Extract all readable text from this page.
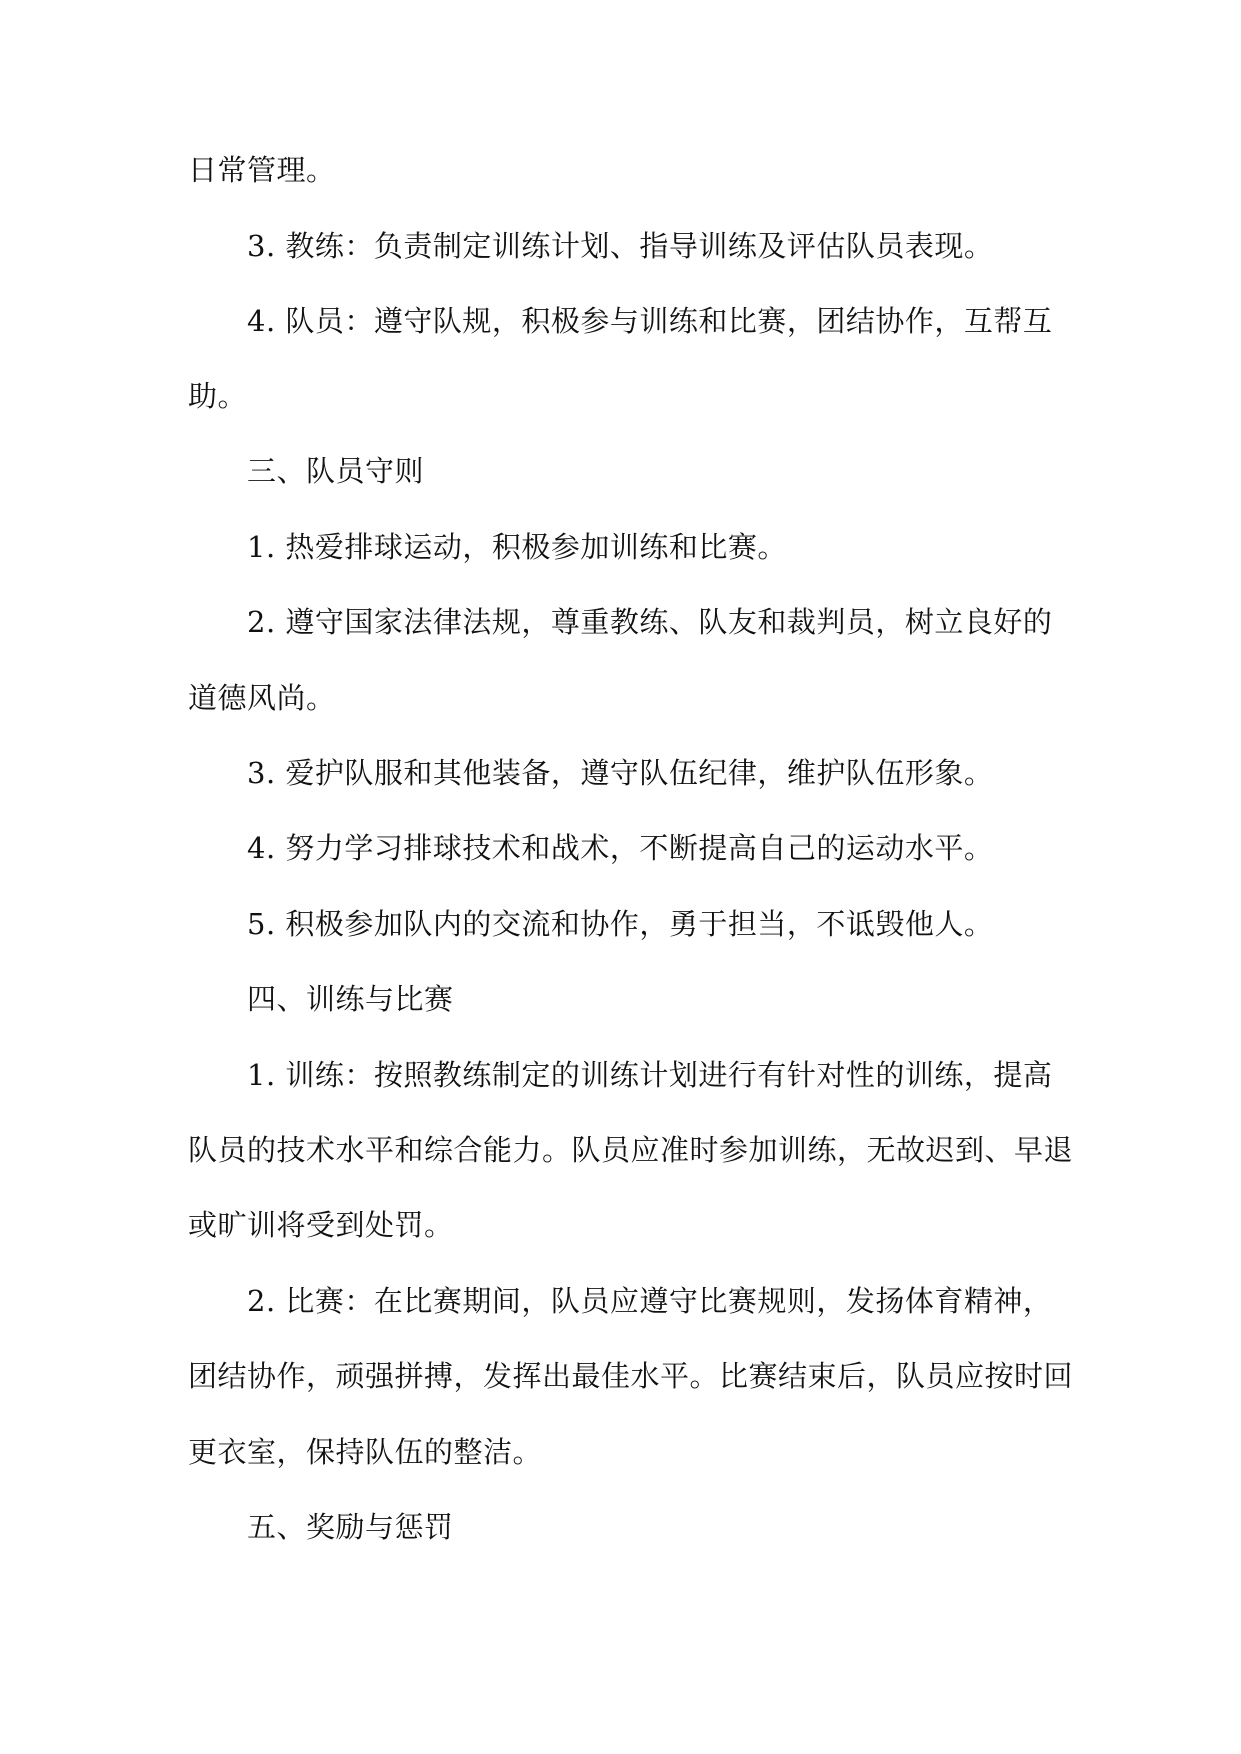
日常管理。
3. 教练：负责制定训练计划、指导训练及评估队员表现。
4. 队员：遵守队规，积极参与训练和比赛，团结协作，互帮互
助。
三、队员守则
1. 热爱排球运动，积极参加训练和比赛。
2. 遵守国家法律法规，尊重教练、队友和裁判员，树立良好的
道德风尚。
3. 爱护队服和其他装备，遵守队伍纪律，维护队伍形象。
4. 努力学习排球技术和战术，不断提高自己的运动水平。
5. 积极参加队内的交流和协作，勇于担当，不诋毁他人。
四、训练与比赛
1. 训练：按照教练制定的训练计划进行有针对性的训练，提高
队员的技术水平和综合能力。队员应准时参加训练，无故迟到、早退
或旷训将受到处罚。
2. 比赛：在比赛期间，队员应遵守比赛规则，发扬体育精神，
团结协作，顽强拼搏，发挥出最佳水平。比赛结束后，队员应按时回
更衣室，保持队伍的整洁。
五、奖励与惩罚
